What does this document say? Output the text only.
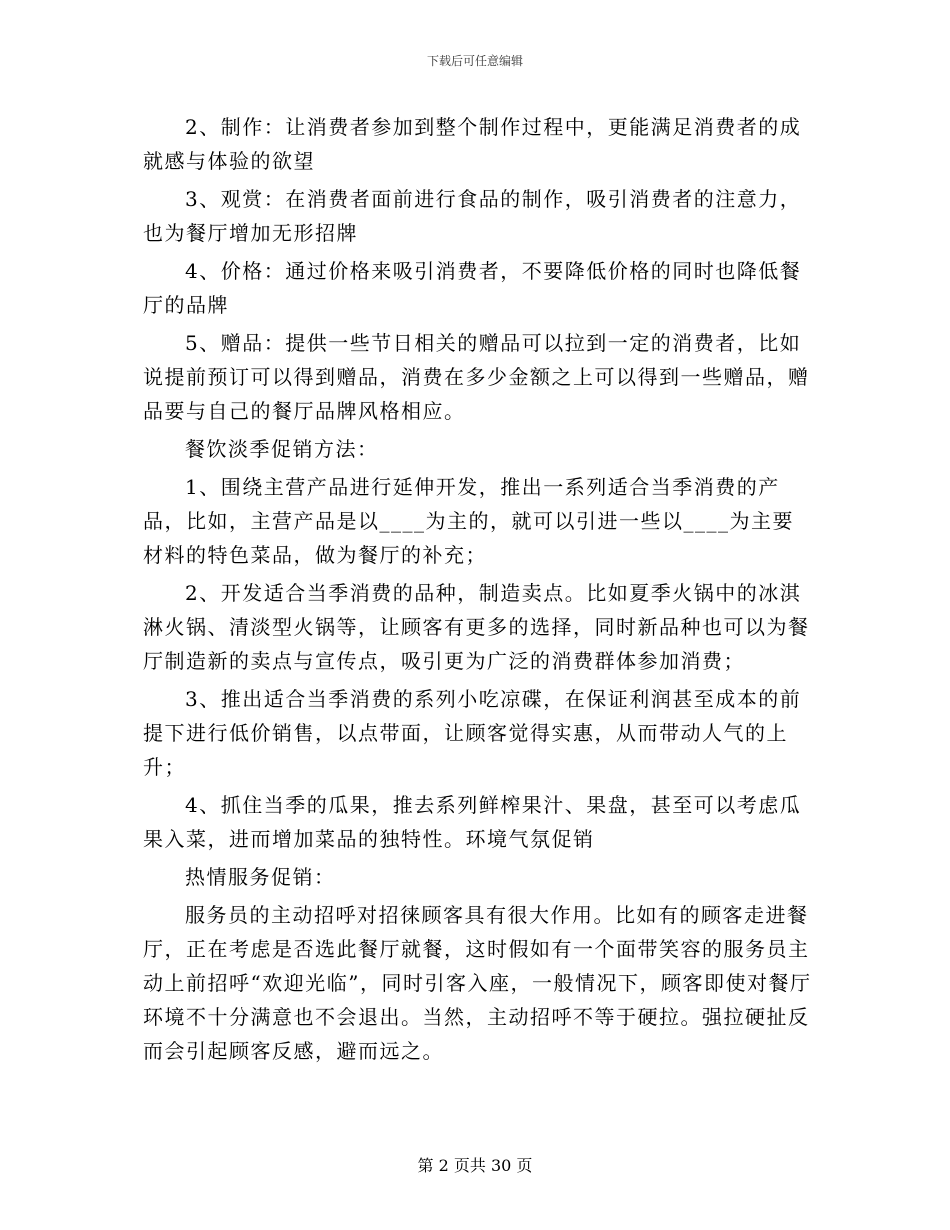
下载后可任意编辑

2、制作：让消费者参加到整个制作过程中，更能满足消费者的成就感与体验的欲望

3、观赏：在消费者面前进行食品的制作，吸引消费者的注意力，也为餐厅增加无形招牌

4、价格：通过价格来吸引消费者，不要降低价格的同时也降低餐厅的品牌

5、赠品：提供一些节日相关的赠品可以拉到一定的消费者，比如说提前预订可以得到赠品，消费在多少金额之上可以得到一些赠品，赠品要与自己的餐厅品牌风格相应。

餐饮淡季促销方法：

1、围绕主营产品进行延伸开发，推出一系列适合当季消费的产品，比如，主营产品是以____为主的，就可以引进一些以____为主要材料的特色菜品，做为餐厅的补充；

2、开发适合当季消费的品种，制造卖点。比如夏季火锅中的冰淇淋火锅、清淡型火锅等，让顾客有更多的选择，同时新品种也可以为餐厅制造新的卖点与宣传点，吸引更为广泛的消费群体参加消费；

3、推出适合当季消费的系列小吃凉碟，在保证利润甚至成本的前提下进行低价销售，以点带面，让顾客觉得实惠，从而带动人气的上升；

4、抓住当季的瓜果，推去系列鲜榨果汁、果盘，甚至可以考虑瓜果入菜，进而增加菜品的独特性。环境气氛促销

热情服务促销：

服务员的主动招呼对招徕顾客具有很大作用。比如有的顾客走进餐厅，正在考虑是否选此餐厅就餐，这时假如有一个面带笑容的服务员主动上前招呼“欢迎光临”，同时引客入座，一般情况下，顾客即使对餐厅环境不十分满意也不会退出。当然，主动招呼不等于硬拉。强拉硬扯反而会引起顾客反感，避而远之。

第 2 页共 30 页
